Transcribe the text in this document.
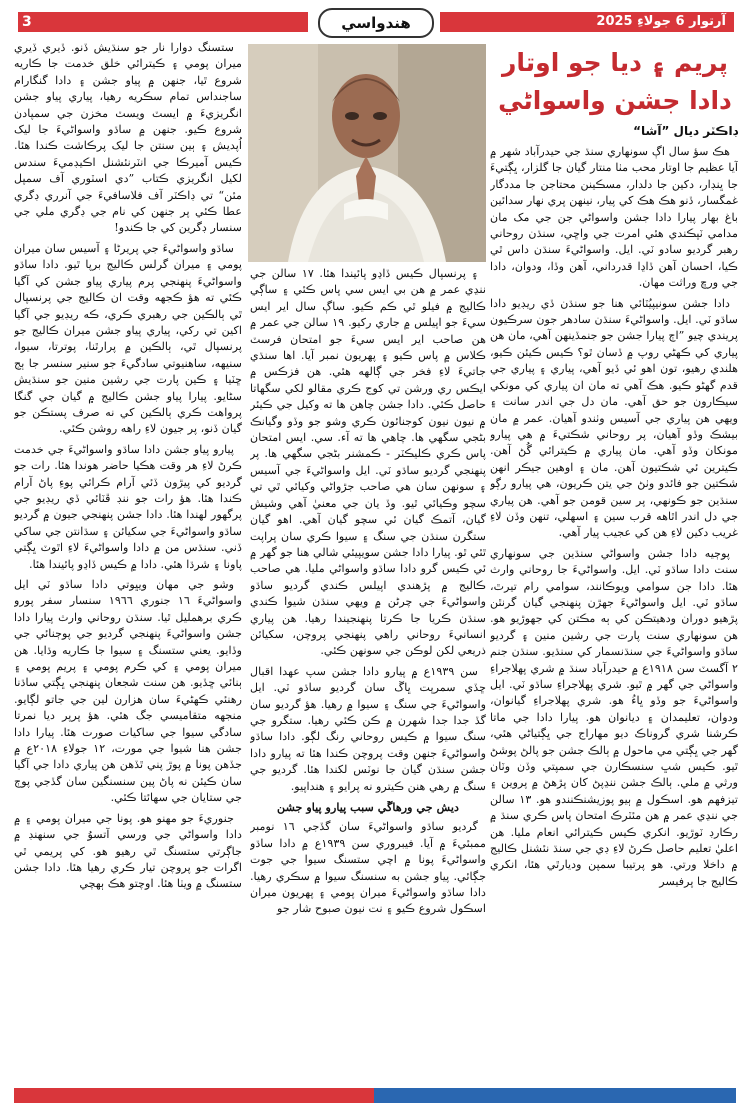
3	آرتوار 6 جولاءِ 2025
هندواسي
پريم ۽ ديا جو اوتار
دادا جشن واسواڻي
ڊاڪٽر ديال ”آشا“

هڪ سؤ سال اڳ سونهاري سنڌ جي حيدرآباد شهر ۾ آيا عظيم جا اوتار محب مٺا منتار گيان جا گلزار، ڀڳتيءَ جا ڀنڊار، دکين جا دلدار، مسڪينن محتاجن جا مددگار غمگسار، ڏنو هڪ هڪ کي پيار، نينهن پري نهار سدائين باغ بهار پيارا دادا جشن واسواڻي جن جي مک مان مدامي ٽپڪندي هئي امرت جي واڇي، سنڌن روحاني رهبر گرديو سادو ٽي. ايل. واسواڻيءَ سنڌن داس ٿي ڪيا، احسان آهن ڏاڍا قدرداني، آهن وڏا، ودوان، دادا جي ورڇ وراثت مهان.

دادا جشن سونيپيُٽائي هنا جو سنڌن ڏي ريڊيو دادا ساڌو ٽي. ايل. واسواڻيءَ سنڌن سادهر جون سرڪيون پريندي چيو ”اڄ پيارا جشن جو جنمڏينهن آهي، مان هن پياري کي ڪھڻي روپ ۾ ڏسان ٿو؟ ڪيس ڪيئن ڪيو، هلندي رهيو، تون اهو ئي ڏيو آهي، پياري ۽ پياري جي قدم گهڻو ڪيو. هڪ آهي ته مان ان پياري کي مونکي سيڪارون جو حق آهي. مان دل جي اندر سانت ۽ ويهي هن پياري جي آسيس وٺندو آهيان. عمر ۾ مان بيشڪ وڏو آهيان، پر روحاني شڪتيءَ ۾ هي پيارو مونکان وڏو آهي. مان پياري ۾ ڪيترائي گُڻ آهن. ڪيترين ئي شڪتيون آهن. مان ۽ اوهين جيڪر انهن شڪتين جو فائدو وٺڻ جي يتن ڪريون، هي پيارو رڳو سنڌين جو ڪونهي، پر سين قومن جو آهي. هن پياري جي دل اندر اٿاهه قرب سين ۽ اسهلي، تنهن وڏن لاءِ غريب دکين لاءِ هن کي عجيب پيار آهي.

پوڄيه دادا جشن واسواڻي سنڌين جي سونهاري سنت دادا ساڌو ٽي. ايل. واسواڻيءَ جا روحاني وارث هئا. دادا جن سوامي ويوڪانند، سوامي رام تيرٿ، ساڌو ٽي. ايل واسواڻيءَ جهڙن پنهنجي گيان گرنٿن پڙهيو دوران ودهيتڪن کي ٻه مڪتن کي جھوڙيو هو. هن سونهاري سنت پارت جي رشين منين ۽ گرديو ساڌو واسواڻيءَ جي سنڌنسمار کي سنڌيو. سنڌن جنم ٢ آگسٽ سن ١٩١٨ع ۾ حيدرآباد سنڌ ۾ شري پهلاجراءِ واسواڻي جي گھر ۾ ٿيو. شري پهلاجراءِ ساڌو ٽي. ايل واسواڻيءَ جو وڏو ڀاءُ هو. شري پهلاجراءِ گيانوان، ودوان، تعليمدان ۽ ديانوان هو. پيارا دادا جي ماتا ڪرشنا شري گروناڪ ديو مهاراج جي ڀڳتياڻي هئي، گھر جي ڀڳتي مي ماحول ۾ ٻالڪ جشن جو پالڻ پوشڻ ٿيو. ڪيس شڀ سنسڪارن جي سمپتي وڏن وٽان ورثي ۾ ملي. ٻالڪ جشن ننڍپڻ کان پڙهڻ ۾ پروين ۽ تيزفهم هو. اسڪول ۾ ٻيو پوزيشنڪنندو هو. ١٣ سالن جي ننڍي عمر ۾ هن مئٽرڪ امتحان پاس ڪري سنڌ ۾ رڪارڊ ٽوڙيو. انکري ڪيس ڪيترائي انعام مليا. هن اعليٰ تعليم حاصل ڪرڻ لاءِ ڊي جي سنڌ نئشنل ڪاليج ۾ داخلا ورتي. هو پرتيبا سمپن وديارٿي هئا، انکري ڪاليج جا پرفيسر

۽ پرنسپال ڪيس ڏاڍو پائيندا هئا. ١٧ سالن جي ننڍي عمر ۾ هن بي ايس سي پاس ڪئي ۽ ساڳي ڪاليج ۾ فيلو ٿي ڪم ڪيو. ساڳ سال اير ايس سيءَ جو اپيلس ۾ جاري رکيو. ١٩ سالن جي عمر ۾ هن صاحب اير ايس سيءَ جو امتحان فرسٽ ڪلاس ۾ پاس ڪيو ۽ پهريون نمبر آيا. اها سنڌي جاتيءَ لاءِ فخر جي ڳالهه هئي. هن فزڪس ۾ ايڪس ري ورشن تي کوج ڪري مقالو لکي سگهاتا حاصل ڪئي. دادا جشن چاهن ها ته وکيل جي ڪيئر ۾ نيون نيون کوجنائون ڪري وشو جو وڏو وگيانڪ بڻجي سگهي ها. چاهي ها ته آء. سي. ايس امتحان پاس ڪري ڪليڪٽر - ڪمشنر بڻجي سگهي ها. پر پنهنجي گرديو ساڌو ٽي. ايل واسواڻيءَ جي آسيس ۽ سونهن سان هي صاحب جڙواڻي وکيائي ٿي تي سچو وڪيائي ٿيو. وڏ يان جي معنيٰ آهي وشيش گيان، آتمڪ گيان ئي سچو گيان آهي. اهو گيان ستگرن سنڌن جي سنگ ۽ سيوا ڪري سان پراپت ٿئي ٿو. پيارا دادا جشن سويپيئي شالي هنا جو گھر ۾ ئي ڪيس گرو دادا ساڌو واسواڻي مليا. هي صاحب ڪاليج ۾ پڙهندي اپيلس ڪندي گرديو ساڌو واسواڻيءَ جي چرڻن ۾ ويهي سنڌن شيوا ڪندي سنڌن ڪريا جا ڪرتا پنهنجيندا رهيا. هن پياري انسانيءَ روحاني راهي پنهنجي پروچن، سکيائن ذريعي لکن لوڪن جي سونهن ڪئي.

سن ١٩٣٩ع ۾ پيارو دادا جشن سپ عهدا اقبال ڇڏي سمرپت ڀاڱ سان گرديو ساڌو ٽي. ايل واسواڻيءَ جي سنگ ۽ سيوا ۾ رهيا. هؤ گرديو سان گڏ جدا جدا شهرن ۾ ڪن ڪئي رهيا. ستگرو جي سنگ سيوا ۾ ڪيس روحاني رنگ لڳو. دادا ساڌو واسواڻيءَ جنهن وقت پروچن ڪندا هئا ته پيارو دادا جشن سنڌن گيان جا نوٽس لکندا هئا. گرديو جي سنگ ۾ رهي هنن ڪيترو نه پرايو ۽ هنداپيو.

ديش جي ورهاڱي سبب پيارو پياو جشن

گرديو ساڌو واسواڻيءَ سان گڏجي ١٦ نومبر ممبئيءَ ۾ آيا. فيبروري سن ١٩٣٩ع ۾ دادا ساڌو واسواڻيءَ پونا ۾ اچي ستسنگ سيوا جي جوت جڳائي. پياو جشن به سنسنگ سيوا ۾ سڪري رهيا. دادا ساڌو واسواڻيءَ ميران پومي ۽ پهريون ميران اسڪول شروع ڪيو ۽ نت نيون صبوح شار جو

ستسنگ دوارا نار جو سنڌيش ڏنو. ڏيري ڏيري ميران پومي ۽ ڪيترائي خلق خدمت جا ڪاريه شروع ٿيا، جنهن ۾ پياو جشن ۽ دادا گنگارام ساجنداس تمام سڪريه رهيا، پياري پياو جشن انگريزيءَ ۾ ايسٽ ويسٽ مخزن جي سمپادن شروع ڪيو. جنهن ۾ ساڌو واسواڻيءَ جا ليک اُپديش ۽ ٻين سنتن جا ليک پرڪاشت ڪندا هئا. ڪيس آميرڪا جي انٽرنئشنل اڪيڊميءَ سندس لکيل انگريزي ڪتاب ”دي اسٽوري آف سمپل مئن“ تي ڊاڪٽر آف فلاسافيءَ جي آنرري ڊگري عطا ڪئي پر جنهن کي نام جي ڊگري ملي جي سنسار ڊگرين کي جا ڪندو!

ساڌو واسواڻيءَ جي پريرڻا ۽ آسيس سان ميران پومي ۽ ميران گرلس ڪاليج برپا ٿيو. دادا ساڌو واسواڻيءَ پنهنجي پرم پياري پياو جشن کي آگيا ڪئي ته هؤ ڪجهه وقت ان ڪاليج جي پرنسپال ٿي ٻالڪين جي رهبري ڪري، ڪه ريڊيو جي آگيا اکين تي رکي، پياري پياو جشن ميران ڪاليج جو پرنسپال ٿي، ٻالڪين ۾ پرارٿنا، پوترتا، سيوا، سنيهه، ساهنيوتي سادگيءَ جو سنير سنسر جا ٻج ڇٽيا ۽ ڪين پارت جي رشين منين جو سنڌيش سڻايو. پيارا پياو جشن ڪاليج ۾ گيان جي گنگا پرواهت ڪري ٻالڪين کي نه صرف پستڪن جو گيان ڏنو، پر جيون لاءِ راهه روشن ڪئي.

پيارو پياو جشن دادا ساڌو واسواڻيءَ جي خدمت ڪرڻ لاءِ هر وقت هڪيا حاضر هوندا هئا. رات جو گرديو کي پيڙون ڏئي آرام ڪرائي پوءِ پاڻ آرام ڪندا هئا. هؤ رات جو ننڊ ڦٽائي ڏي ريڊيو جي پرگهور لهندا هئا. دادا جشن پنهنجي جيون ۾ گرديو ساڌو واسواڻيءَ جي سکيائن ۽ سڌانتن جي ساکي ڏني. سنڌس من ۾ دادا واسواڻيءَ لاءِ اٿوٽ ڀڳتي پاونا ۽ شرڌا هئي. دادا ۾ ڪيس ڏاڍو پائيندا هئا.

وشو جي مهان ويڀوتي دادا ساڌو ٽي ايل واسواڻيءَ ١٦ جنوري ١٩٦٦ سنسار سفر پورو ڪري برهمليل ٿيا. سنڌن روحاني وارث پيارا دادا جشن واسواڻيءَ پنهنجي گرديو جي پوڄنائي جي وڏايو. يعني ستسنگ ۽ سيوا جا ڪاريه وڌايا. هن ميران پومي ۽ کي ڪرم پومي ۽ پريم پومي ۽ ٻنائي ڇڏيو. هن سنت شجعان پنهنجي ڀڳتي ساڌنا رهنئي ڪهڻيءَ سان هزارن لين جي جاتو لڳايو. منجهه متقاميسي جگ هئي. هؤ پرپر ديا نمرتا سادگي سيوا جي ساکيات صورت هئا. پيارا دادا جشن هنا شيوا جي مورت، ١٢ جولاءِ ٢٠١٨ع ۾ جڏهن پونا ۾ پوڙ پني ٿڏهن هن پياري دادا جي آگيا سان ڪيئن نه پاڻ پين سنسنگين سان گڏجي پوڄ جي ستايان جي سهائتا ڪئي.

جنوريءَ جو مهنو هو. پونا جي ميران پومي ۽ ۾ دادا واسواڻي جي ورسي آتسوُ جي سنهنڊ ۾ جاڳرتي ستسنگ ٿي رهيو هو. کي پريمي ٿي اگرات جو پروچن تيار ڪري رهيا هئا. دادا جشن ستسنگ ۾ ويٺا هئا. اوچتو هڪ ٻهچي
